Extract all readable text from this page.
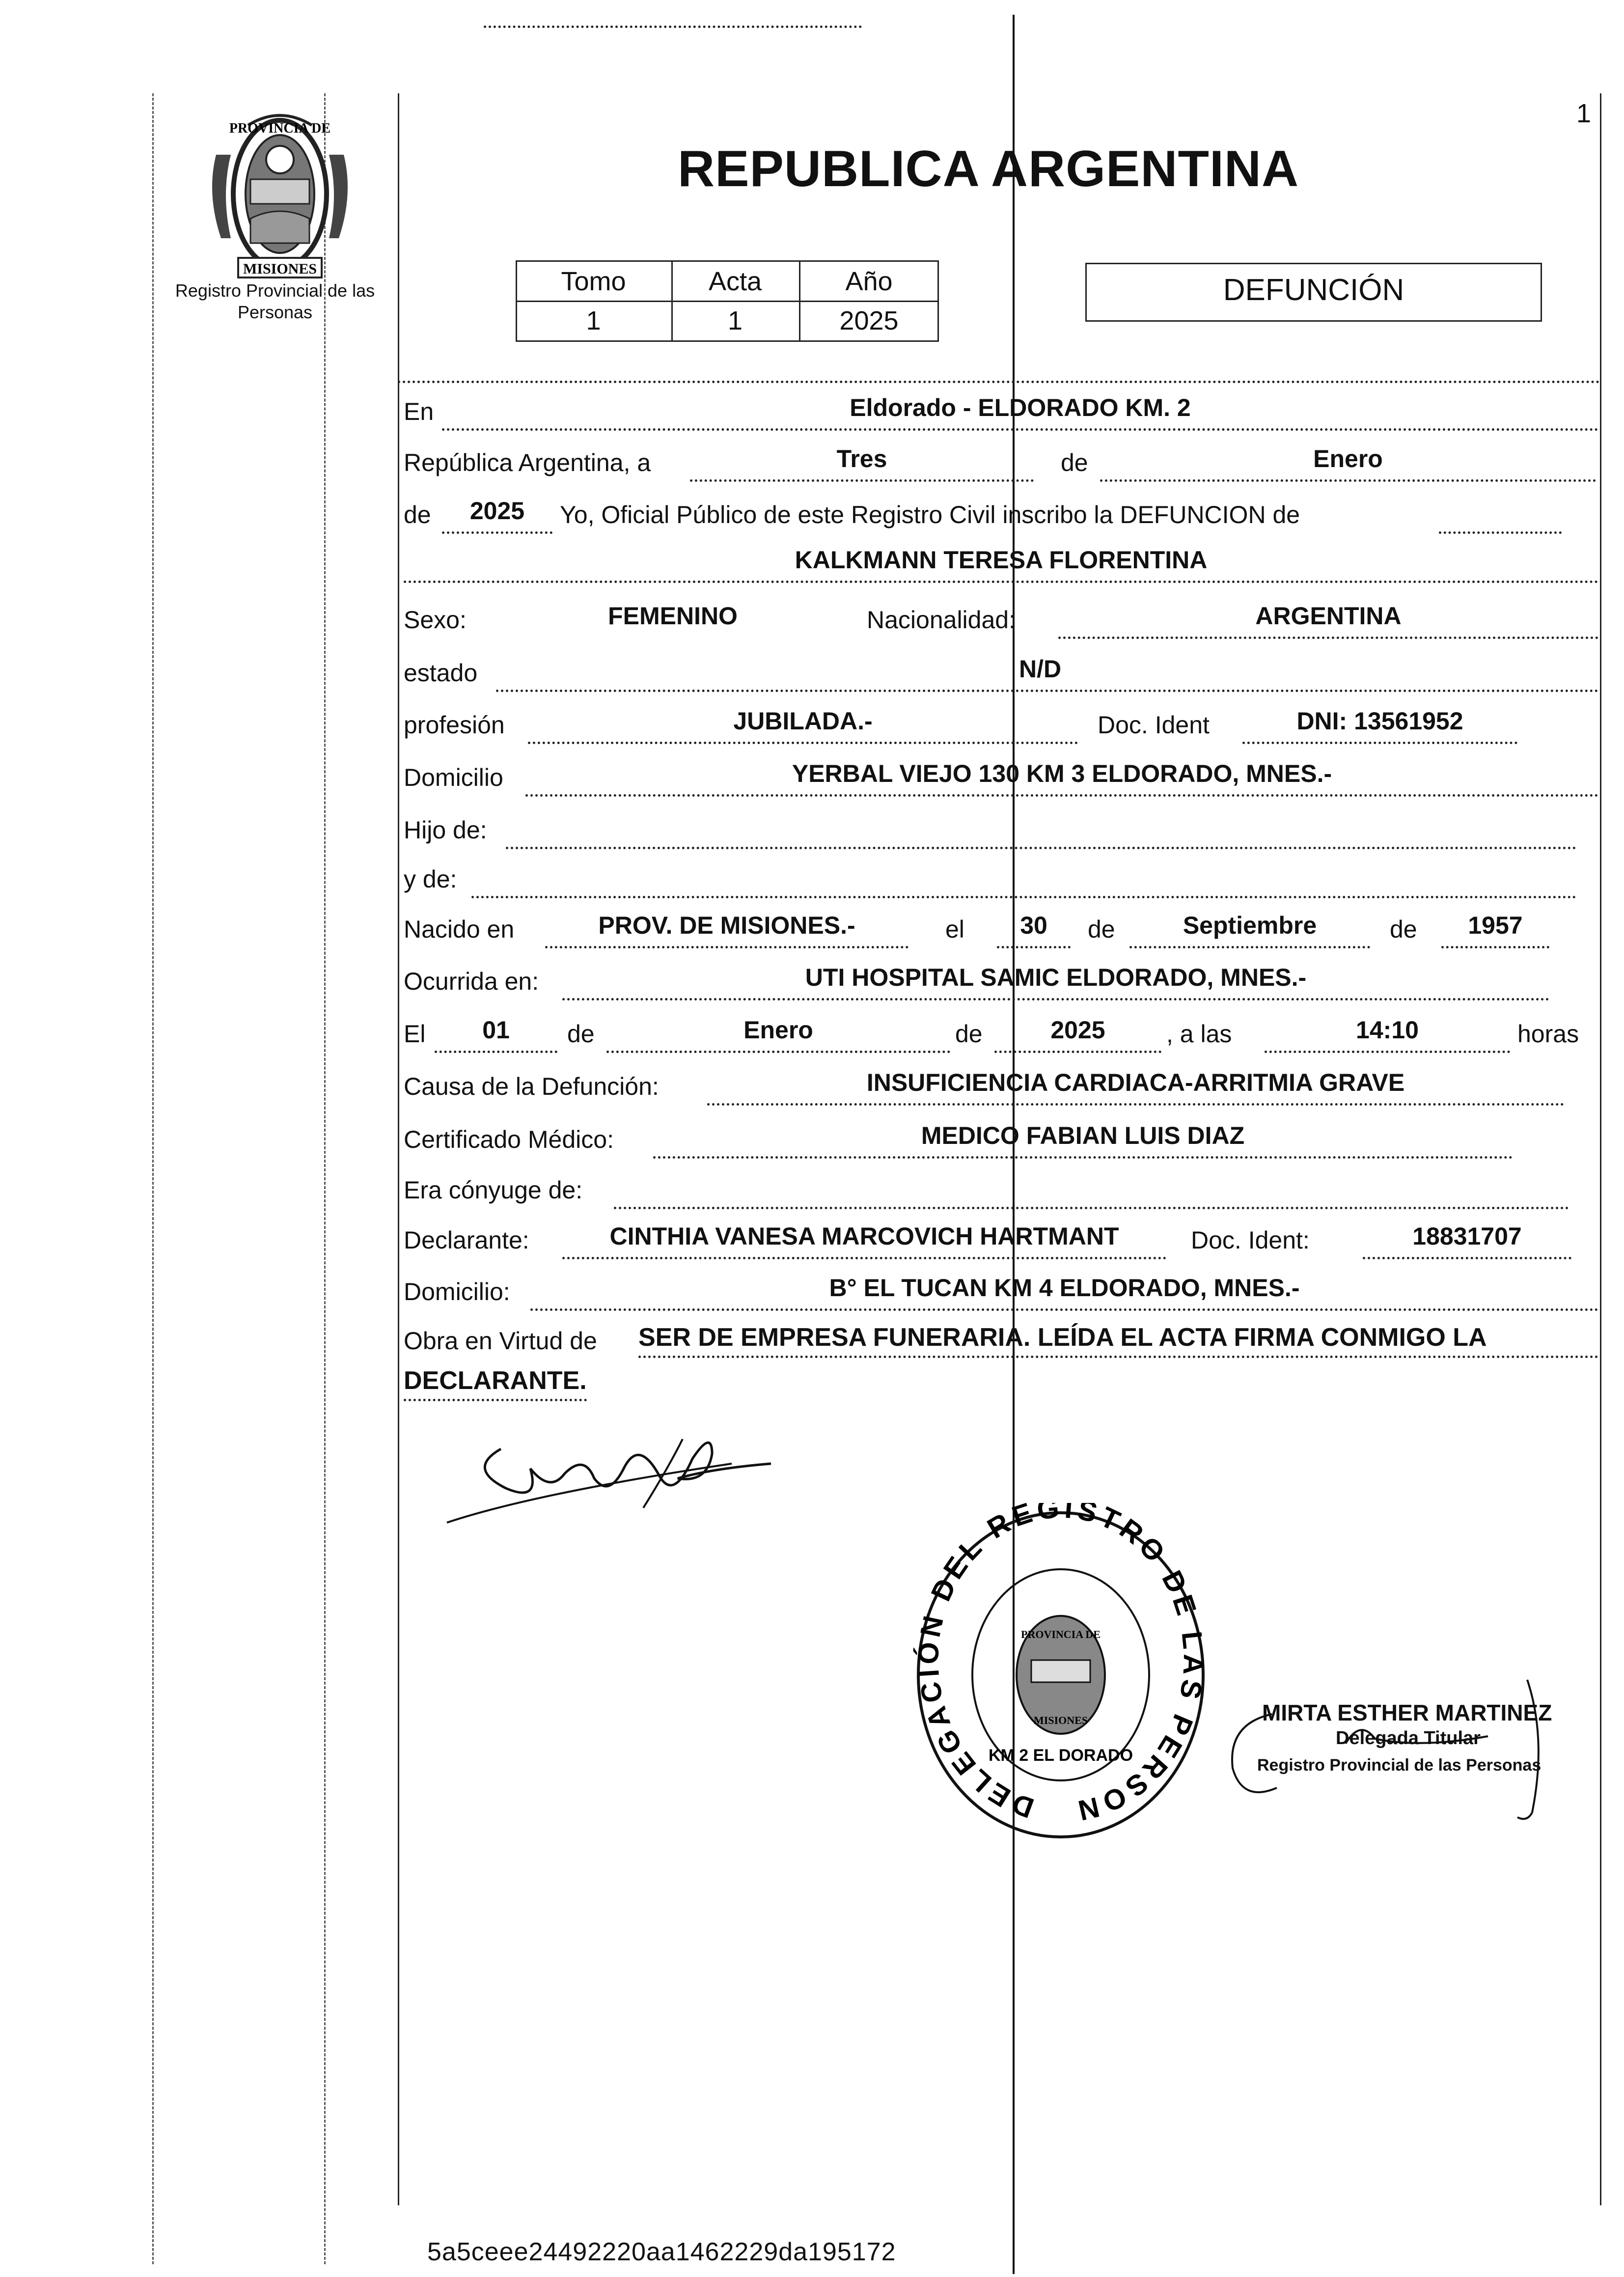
1
PROVINCIA DE
MISIONES
Registro Provincial de las Personas
REPUBLICA ARGENTINA
Tomo	Acta	Año
1	1	2025
DEFUNCIÓN
En	Eldorado - ELDORADO KM. 2
República Argentina, a	Tres	de	Enero
de	2025	Yo, Oficial Público de este Registro Civil inscribo la DEFUNCION de
KALKMANN TERESA FLORENTINA
Sexo:	FEMENINO	Nacionalidad:	ARGENTINA
estado	N/D
profesión	JUBILADA.-	Doc. Ident	DNI: 13561952
Domicilio	YERBAL VIEJO 130 KM 3 ELDORADO, MNES.-
Hijo de:
y de:
Nacido en	PROV. DE MISIONES.-	el	30	de	Septiembre	de	1957
Ocurrida en:	UTI HOSPITAL SAMIC ELDORADO, MNES.-
El	01	de	Enero	de	2025	, a las	14:10	horas
Causa de la Defunción:	INSUFICIENCIA CARDIACA-ARRITMIA GRAVE
Certificado Médico:	MEDICO FABIAN LUIS DIAZ
Era cónyuge de:
Declarante:	CINTHIA VANESA MARCOVICH HARTMANT	Doc. Ident:	18831707
Domicilio:	B° EL TUCAN KM 4 ELDORADO, MNES.-
Obra en Virtud de SER DE EMPRESA FUNERARIA. LEÍDA EL ACTA FIRMA CONMIGO LA
DECLARANTE.
DELEGACIÓN DEL REGISTRO DE LAS PERSON
PROVINCIA DE
MISIONES
KM 2 EL DORADO
MIRTA ESTHER MARTINEZ
Delegada Titular
Registro Provincial de las Personas
5a5ceee24492220aa1462229da195172
